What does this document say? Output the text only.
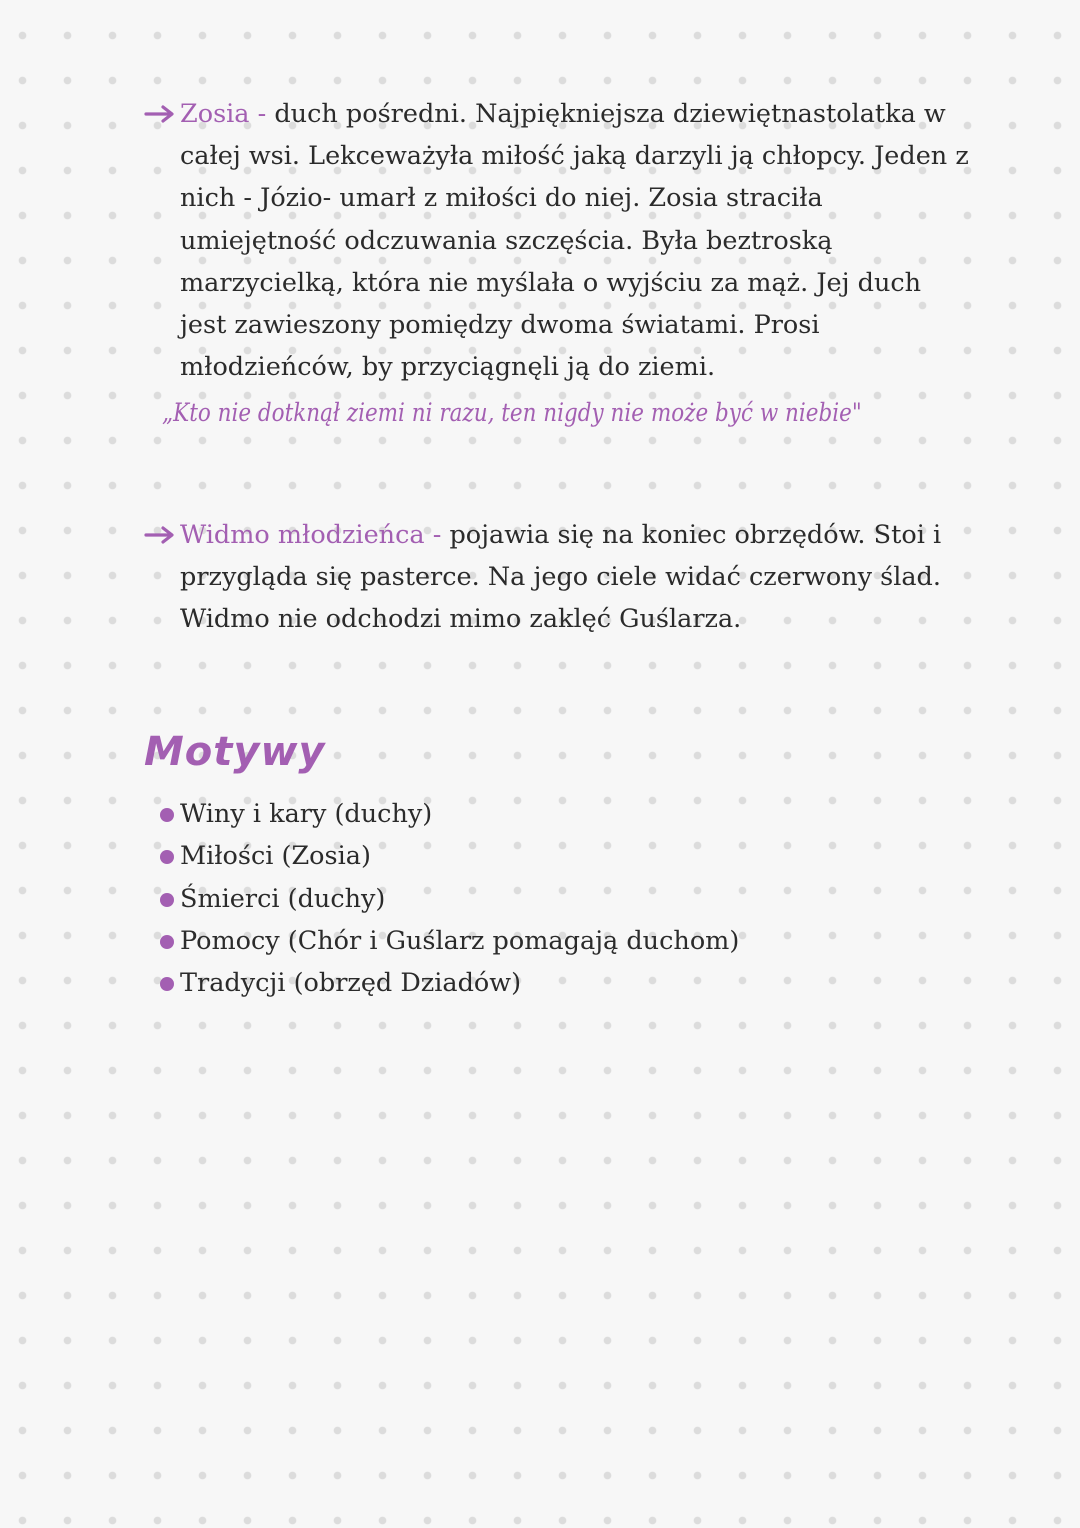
Zosia - duch pośredni. Najpiękniejsza dziewiętnastolatka w całej wsi. Lekceważyła miłość jaką darzyli ją chłopcy. Jeden z nich - Józio- umarł z miłości do niej. Zosia straciła umiejętność odczuwania szczęścia. Była beztroską marzycielką, która nie myślała o wyjściu za mąż. Jej duch jest zawieszony pomiędzy dwoma światami. Prosi młodzieńców, by przyciągnęli ją do ziemi.
„Kto nie dotknął ziemi ni razu, ten nigdy nie może być w niebie"
Widmo młodzieńca - pojawia się na koniec obrzędów. Stoi i przygląda się pasterce. Na jego ciele widać czerwony ślad. Widmo nie odchodzi mimo zaklęć Guślarza.
Motywy
Winy i kary (duchy)
Miłości (Zosia)
Śmierci (duchy)
Pomocy (Chór i Guślarz pomagają duchom)
Tradycji (obrzęd Dziadów)
